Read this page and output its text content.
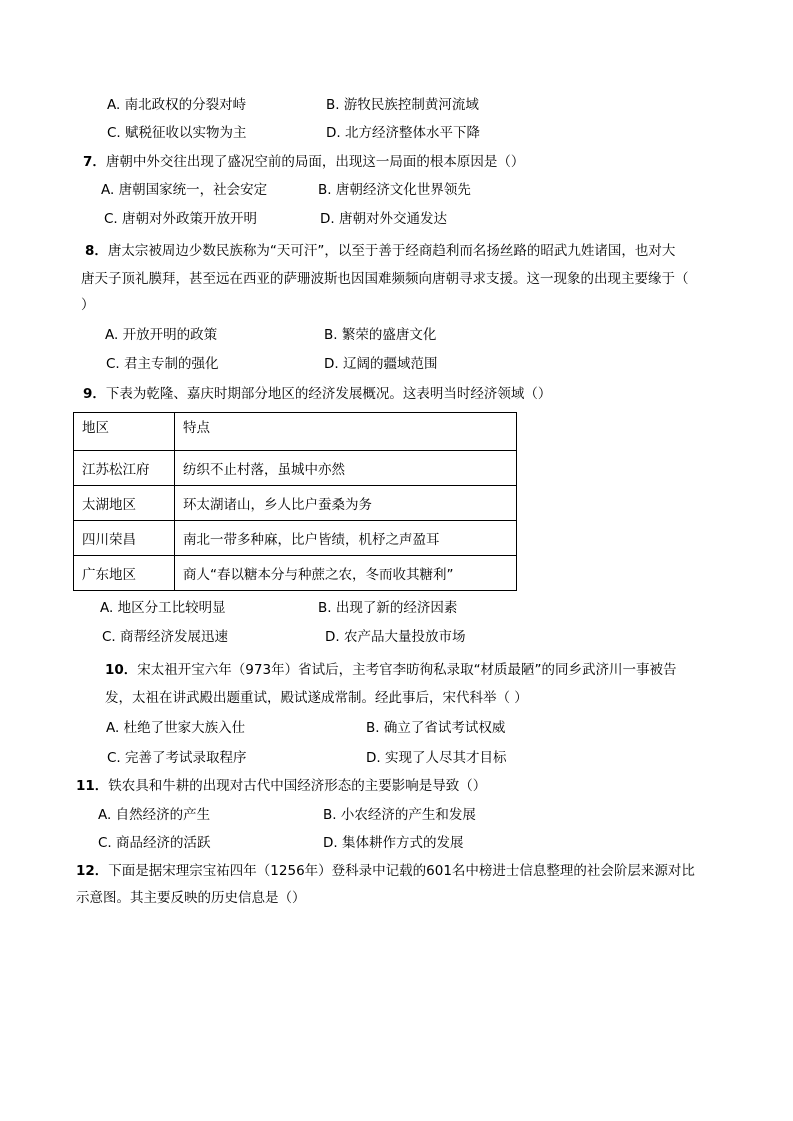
A. 南北政权的分裂对峙	B. 游牧民族控制黄河流域
C. 赋税征收以实物为主	D. 北方经济整体水平下降
7．唐朝中外交往出现了盛况空前的局面，出现这一局面的根本原因是（）
A. 唐朝国家统一，社会安定	B. 唐朝经济文化世界领先
C. 唐朝对外政策开放开明	D. 唐朝对外交通发达
8．唐太宗被周边少数民族称为“天可汗”，以至于善于经商趋利而名扬丝路的昭武九姓诸国，也对大
唐天子顶礼膜拜，甚至远在西亚的萨珊波斯也因国难频频向唐朝寻求支援。这一现象的出现主要缘于（
）
A. 开放开明的政策	B. 繁荣的盛唐文化
C. 君主专制的强化	D. 辽阔的疆域范围
9．下表为乾隆、嘉庆时期部分地区的经济发展概况。这表明当时经济领域（）
地区	特点
江苏松江府	纺织不止村落，虽城中亦然
太湖地区	环太湖诸山，乡人比户蚕桑为务
四川荣昌	南北一带多种麻，比户皆绩，机杼之声盈耳
广东地区	商人“春以糖本分与种蔗之农，冬而收其糖利”
A. 地区分工比较明显	B. 出现了新的经济因素
C. 商帮经济发展迅速	D. 农产品大量投放市场
10．宋太祖开宝六年（973年）省试后，主考官李昉徇私录取“材质最陋”的同乡武济川一事被告
发，太祖在讲武殿出题重试，殿试遂成常制。经此事后，宋代科举（ ）
A. 杜绝了世家大族入仕	B. 确立了省试考试权威
C. 完善了考试录取程序	D. 实现了人尽其才目标
11．铁农具和牛耕的出现对古代中国经济形态的主要影响是导致（）
A. 自然经济的产生	B. 小农经济的产生和发展
C. 商品经济的活跃	D. 集体耕作方式的发展
12．下面是据宋理宗宝祐四年（1256年）登科录中记载的601名中榜进士信息整理的社会阶层来源对比
示意图。其主要反映的历史信息是（）
